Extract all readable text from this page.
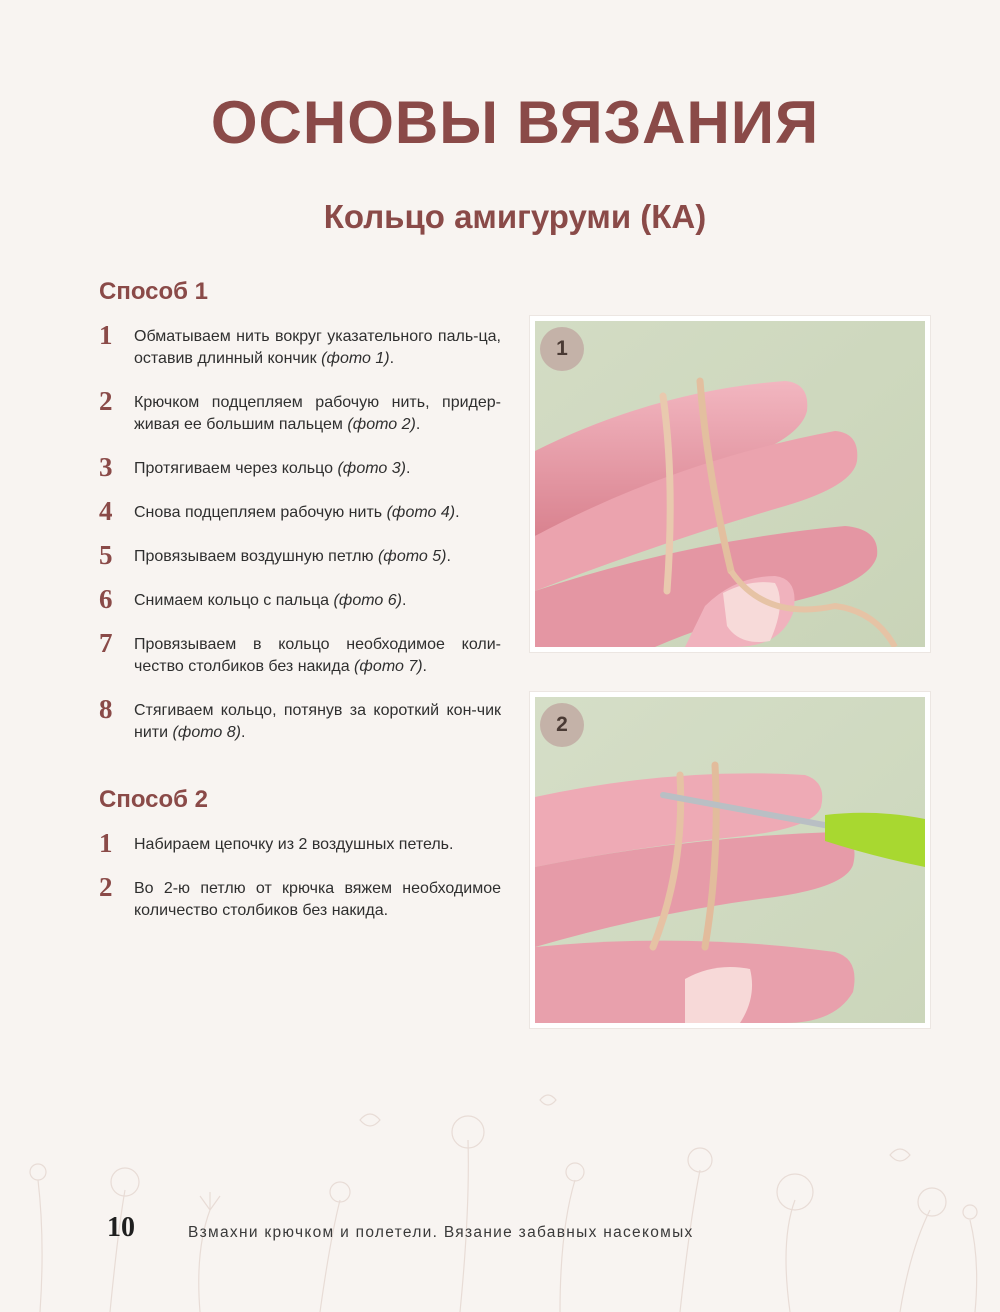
ОСНОВЫ ВЯЗАНИЯ
Кольцо амигуруми (КА)
Способ 1
1 Обматываем нить вокруг указательного паль-ца, оставив длинный кончик (фото 1).
2 Крючком подцепляем рабочую нить, придер-живая ее большим пальцем (фото 2).
3 Протягиваем через кольцо (фото 3).
4 Снова подцепляем рабочую нить (фото 4).
5 Провязываем воздушную петлю (фото 5).
6 Снимаем кольцо с пальца (фото 6).
7 Провязываем в кольцо необходимое коли-чество столбиков без накида (фото 7).
8 Стягиваем кольцо, потянув за короткий кон-чик нити (фото 8).
Способ 2
1 Набираем цепочку из 2 воздушных петель.
2 Во 2-ю петлю от крючка вяжем необходимое количество столбиков без накида.
1
2
10	Взмахни крючком и полетели. Вязание забавных насекомых
